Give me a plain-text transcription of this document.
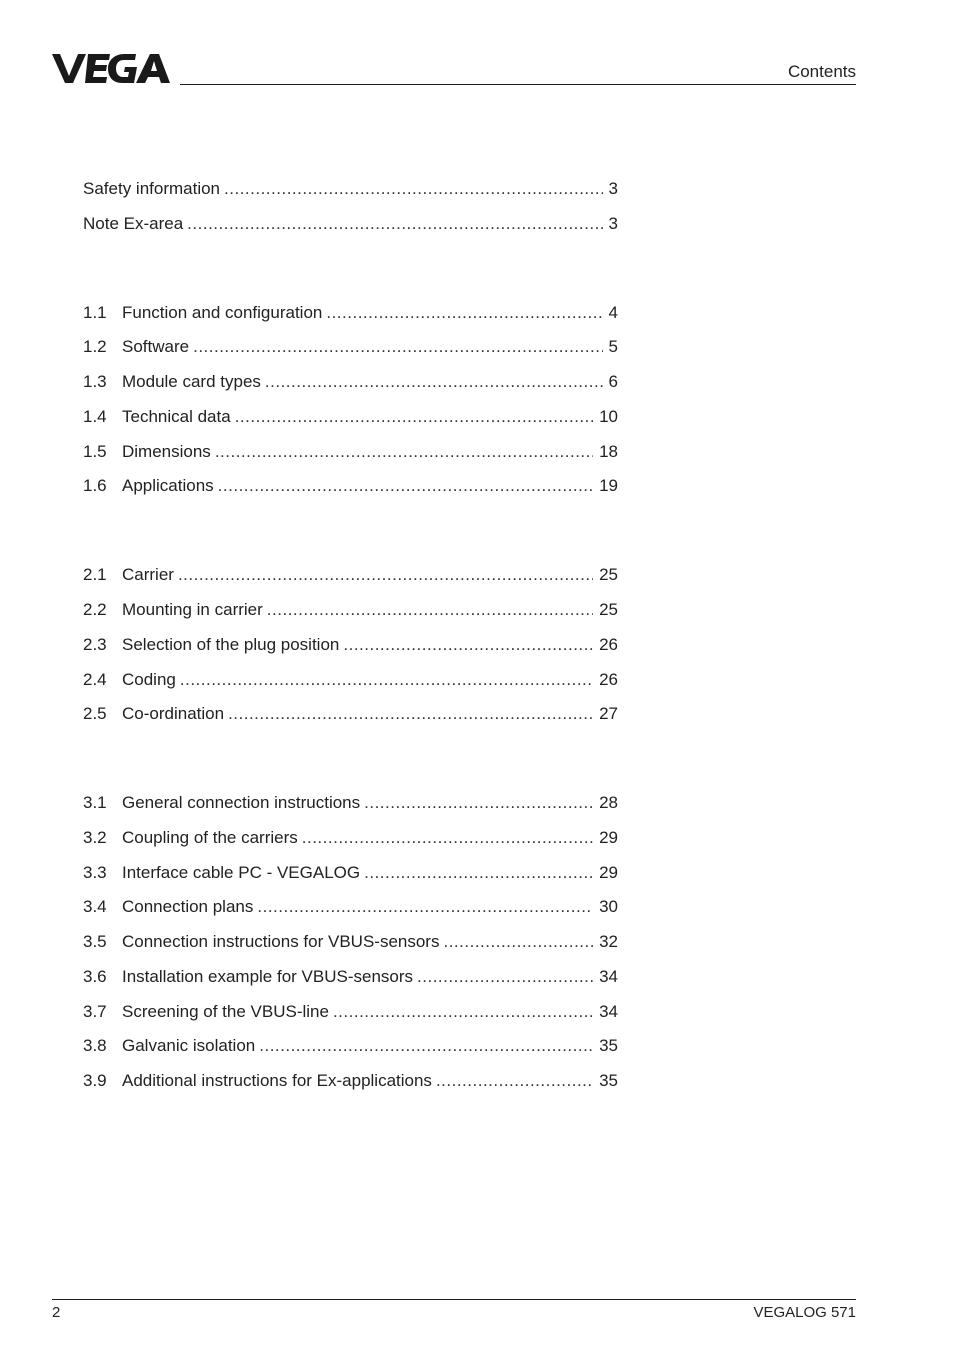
Contents
Safety information .....	3
Note Ex-area .....	3
1.1 Function and configuration .....	4
1.2 Software .....	5
1.3 Module card types .....	6
1.4 Technical data .....	10
1.5 Dimensions .....	18
1.6 Applications .....	19
2.1 Carrier .....	25
2.2 Mounting in carrier .....	25
2.3 Selection of the plug position .....	26
2.4 Coding .....	26
2.5 Co-ordination .....	27
3.1 General connection instructions .....	28
3.2 Coupling of the carriers .....	29
3.3 Interface cable PC - VEGALOG .....	29
3.4 Connection plans .....	30
3.5 Connection instructions for VBUS-sensors .....	32
3.6 Installation example for VBUS-sensors .....	34
3.7 Screening of the VBUS-line .....	34
3.8 Galvanic isolation .....	35
3.9 Additional instructions for Ex-applications .....	35
2	VEGALOG 571
